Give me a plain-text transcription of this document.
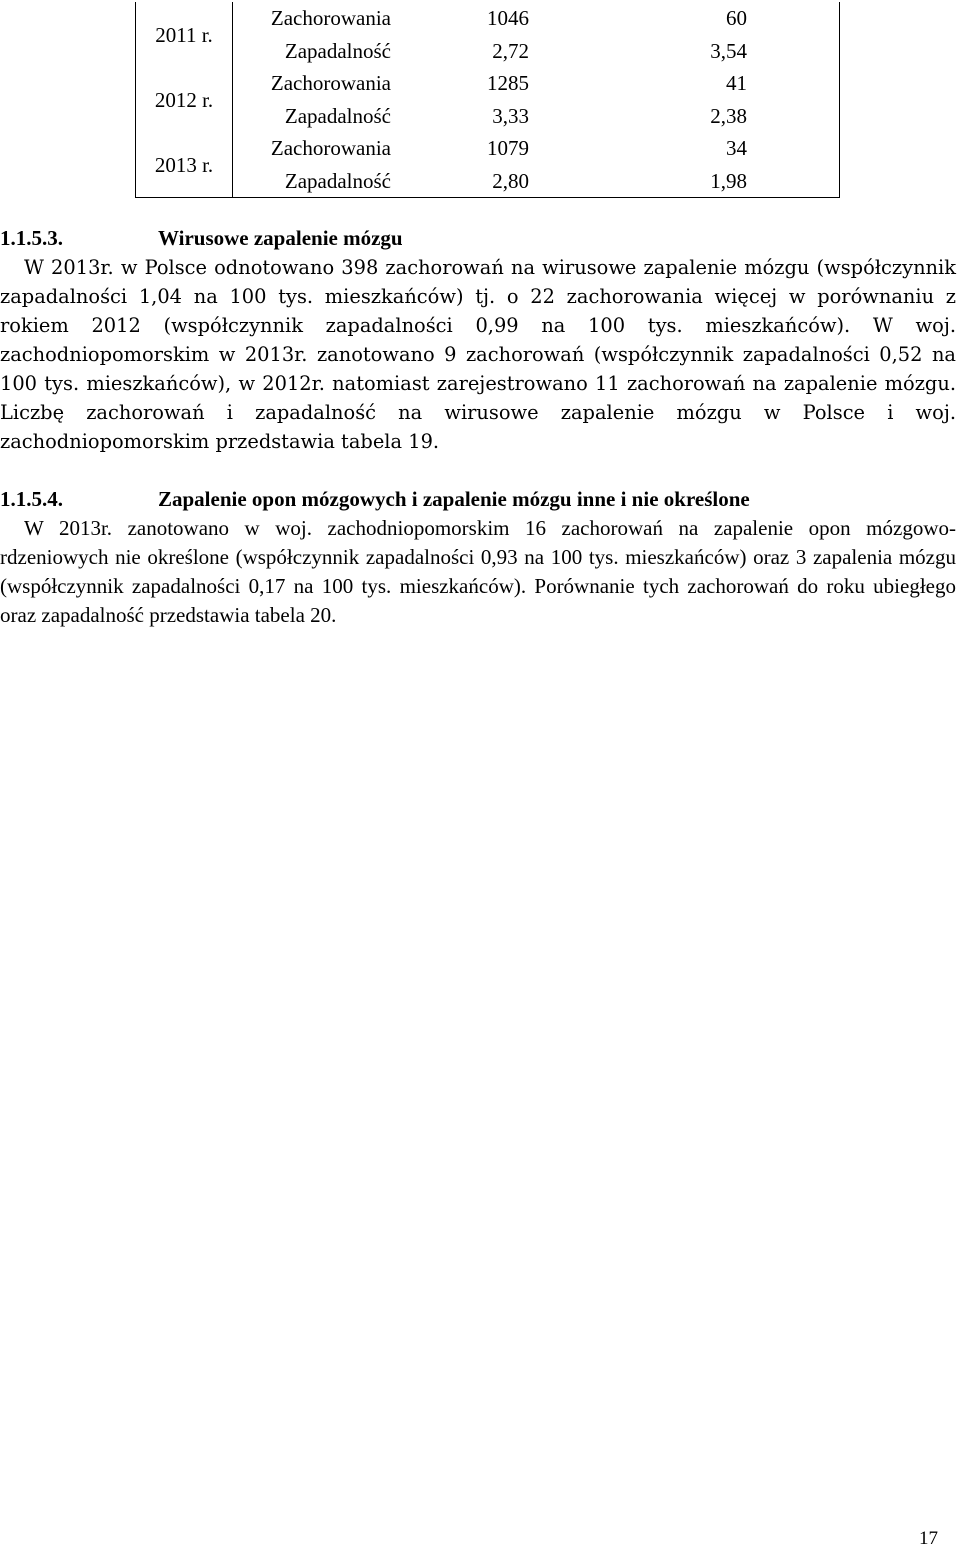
2011 r.	Zachorowania	1046	60
	Zapadalność	2,72	3,54
2012 r.	Zachorowania	1285	41
	Zapadalność	3,33	2,38
2013 r.	Zachorowania	1079	34
	Zapadalność	2,80	1,98
1.1.5.3.	Wirusowe zapalenie mózgu

W 2013r. w Polsce odnotowano 398 zachorowań na wirusowe zapalenie mózgu (współczynnik zapadalności 1,04 na 100 tys. mieszkańców) tj. o 22 zachorowania więcej w porównaniu z rokiem 2012 (współczynnik zapadalności 0,99 na 100 tys. mieszkańców). W woj. zachodniopomorskim w 2013r. zanotowano 9 zachorowań (współczynnik zapadalności 0,52 na 100 tys. mieszkańców), w 2012r. natomiast zarejestrowano 11 zachorowań na zapalenie mózgu. Liczbę zachorowań i zapadalność na wirusowe zapalenie mózgu w Polsce i woj. zachodniopomorskim przedstawia tabela 19.

1.1.5.4.	Zapalenie opon mózgowych i zapalenie mózgu inne i nie określone

W 2013r. zanotowano w woj. zachodniopomorskim 16 zachorowań na zapalenie opon mózgowo- rdzeniowych nie określone (współczynnik zapadalności 0,93 na 100 tys. mieszkańców) oraz 3 zapalenia mózgu (współczynnik zapadalności 0,17 na 100 tys. mieszkańców). Porównanie tych zachorowań do roku ubiegłego oraz zapadalność przedstawia tabela 20.

17
